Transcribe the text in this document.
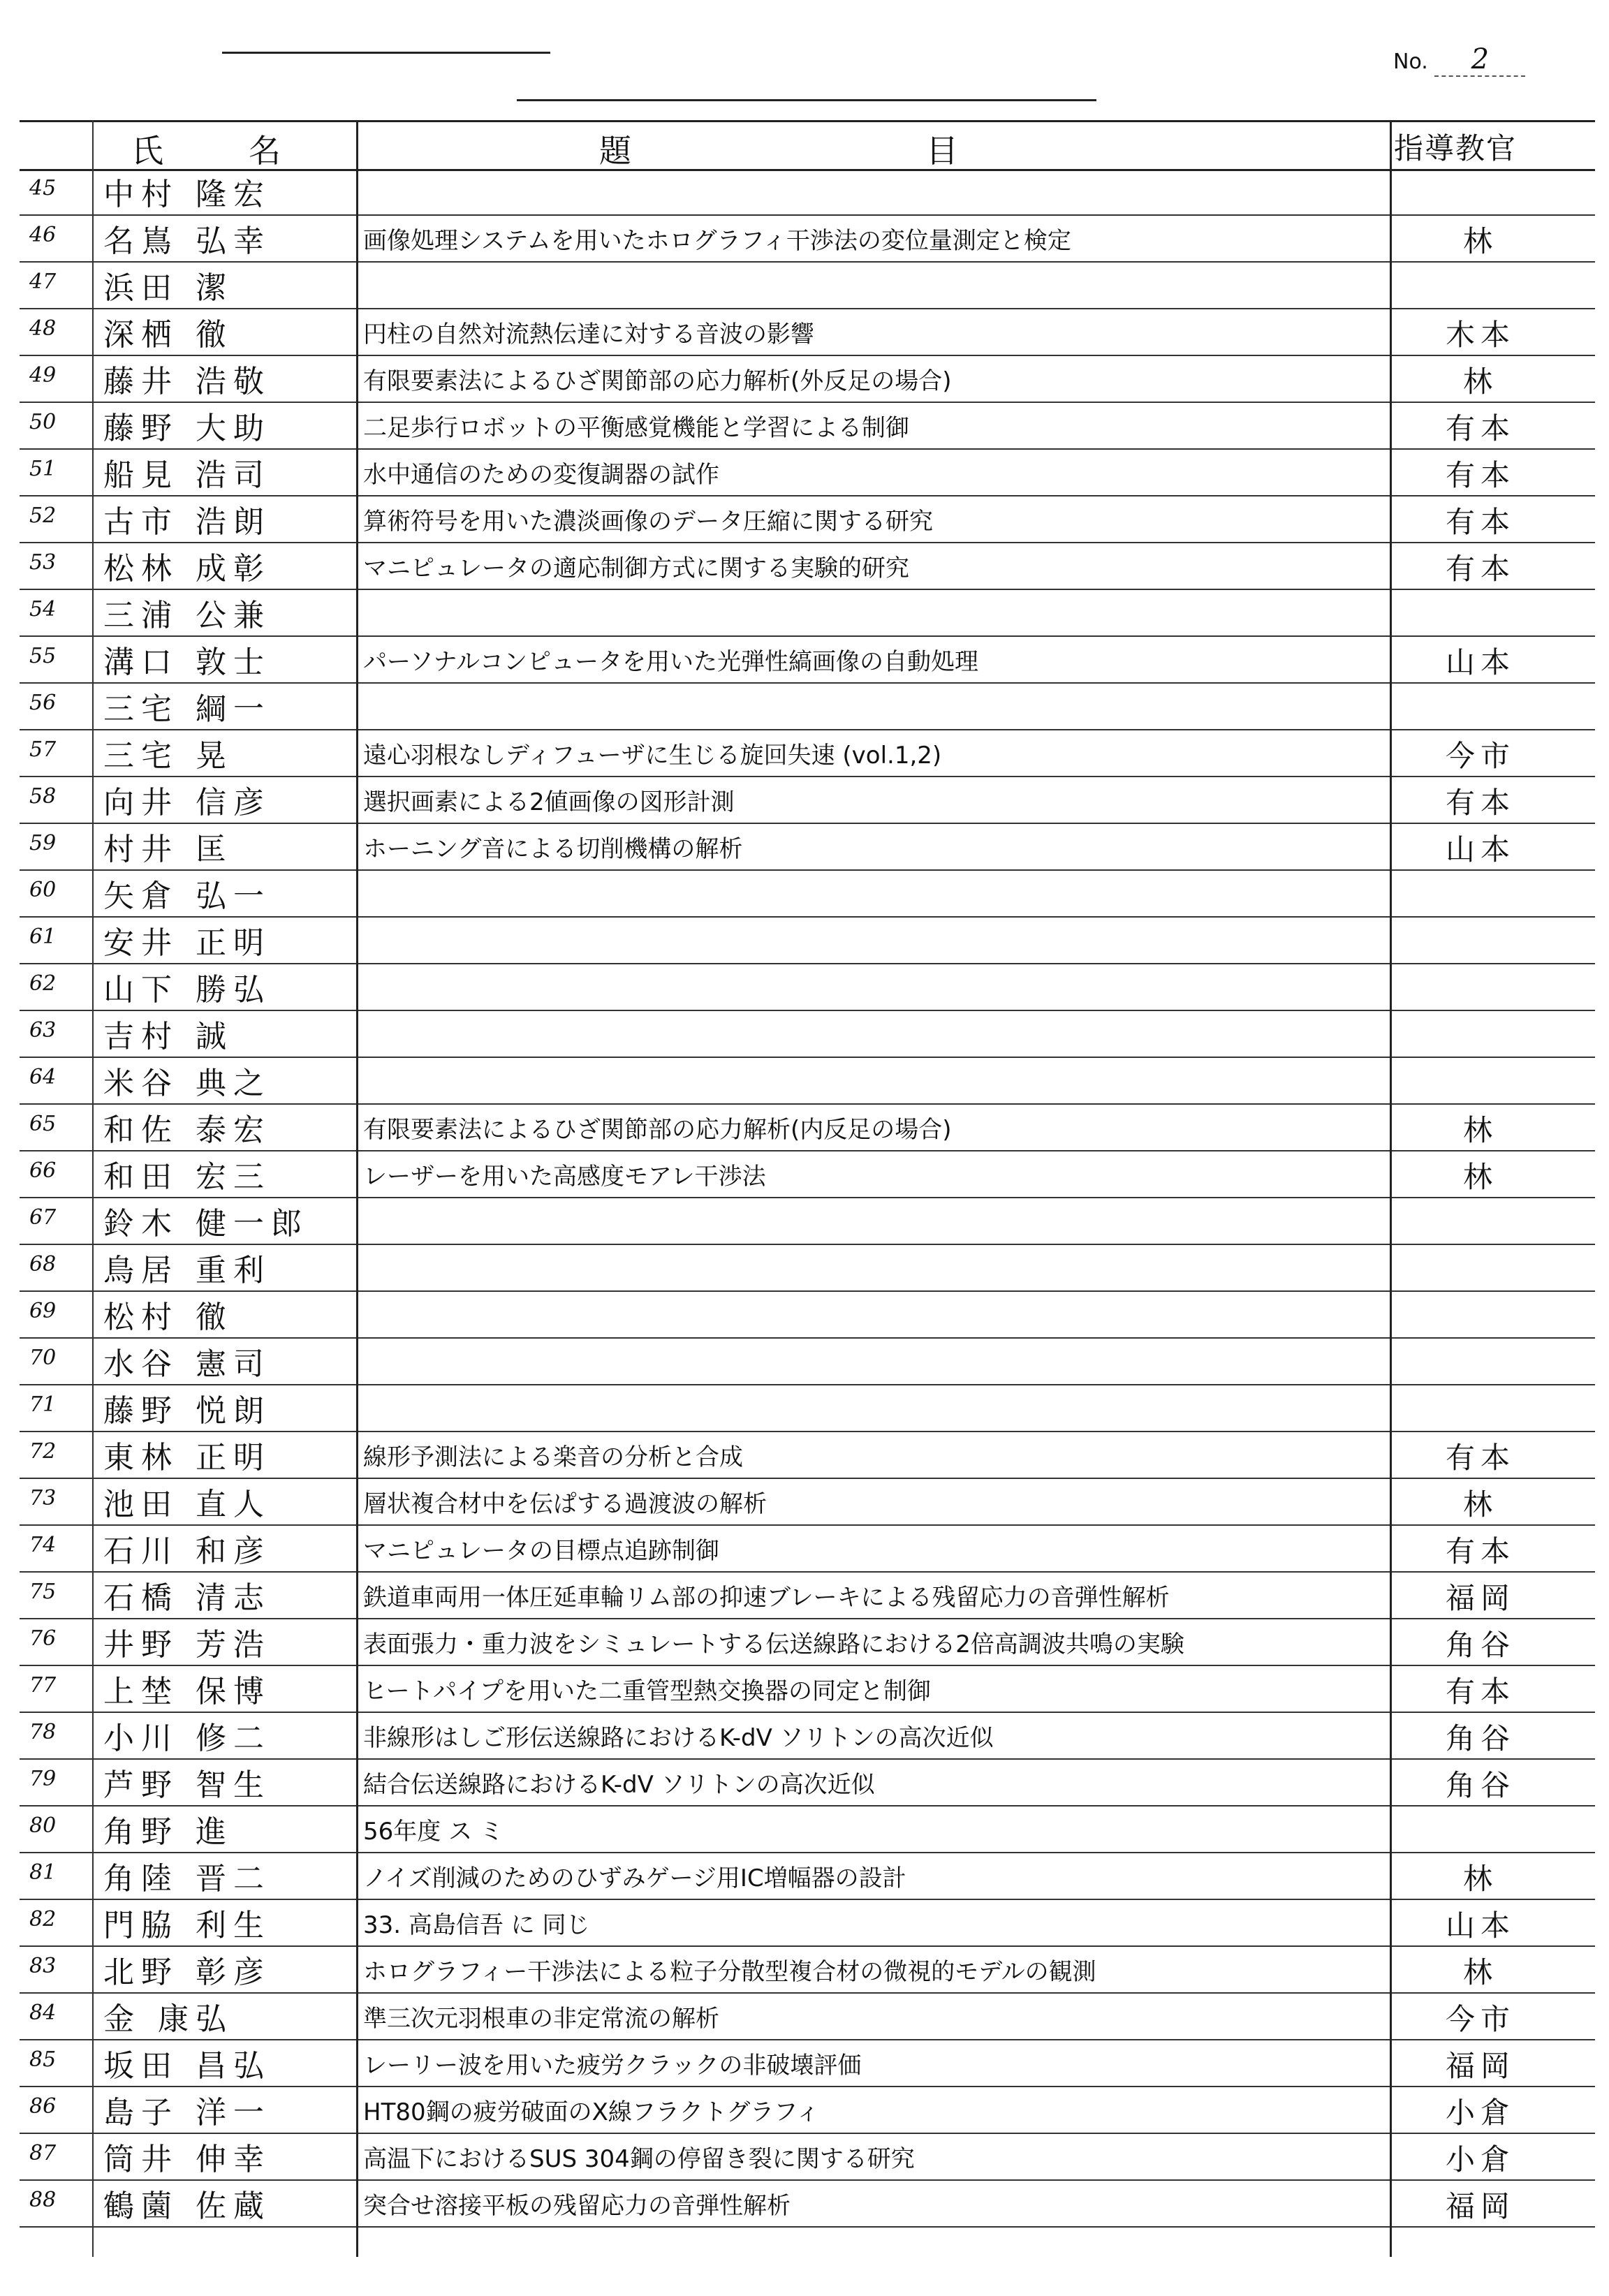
No. 2
氏	名	題	目	指導教官
45	中村 隆宏
46	名嶌 弘幸	画像処理システムを用いたホログラフィ干渉法の変位量測定と検定	林
47	浜田 潔
48	深栖 徹	円柱の自然対流熱伝達に対する音波の影響	木本
49	藤井 浩敬	有限要素法によるひざ関節部の応力解析(外反足の場合)	林
50	藤野 大助	二足歩行ロボットの平衡感覚機能と学習による制御	有本
51	船見 浩司	水中通信のための変復調器の試作	有本
52	古市 浩朗	算術符号を用いた濃淡画像のデータ圧縮に関する研究	有本
53	松林 成彰	マニピュレータの適応制御方式に関する実験的研究	有本
54	三浦 公兼
55	溝口 敦士	パーソナルコンピュータを用いた光弾性縞画像の自動処理	山本
56	三宅 綱一
57	三宅 晃	遠心羽根なしディフューザに生じる旋回失速 (vol.1,2)	今市
58	向井 信彦	選択画素による2値画像の図形計測	有本
59	村井 匡	ホーニング音による切削機構の解析	山本
60	矢倉 弘一
61	安井 正明
62	山下 勝弘
63	吉村 誠
64	米谷 典之
65	和佐 泰宏	有限要素法によるひざ関節部の応力解析(内反足の場合)	林
66	和田 宏三	レーザーを用いた高感度モアレ干渉法	林
67	鈴木 健一郎
68	鳥居 重利
69	松村 徹
70	水谷 憲司
71	藤野 悦朗
72	東林 正明	線形予測法による楽音の分析と合成	有本
73	池田 直人	層状複合材中を伝ぱする過渡波の解析	林
74	石川 和彦	マニピュレータの目標点追跡制御	有本
75	石橋 清志	鉄道車両用一体圧延車輪リム部の抑速ブレーキによる残留応力の音弾性解析	福岡
76	井野 芳浩	表面張力・重力波をシミュレートする伝送線路における2倍高調波共鳴の実験	角谷
77	上埜 保博	ヒートパイプを用いた二重管型熱交換器の同定と制御	有本
78	小川 修二	非線形はしご形伝送線路におけるK-dV ソリトンの高次近似	角谷
79	芦野 智生	結合伝送線路におけるK-dV ソリトンの高次近似	角谷
80	角野 進	56年度 ス ミ
81	角陸 晋二	ノイズ削減のためのひずみゲージ用IC増幅器の設計	林
82	門脇 利生	33. 高島信吾 に 同じ	山本
83	北野 彰彦	ホログラフィー干渉法による粒子分散型複合材の微視的モデルの観測	林
84	金 康弘	準三次元羽根車の非定常流の解析	今市
85	坂田 昌弘	レーリー波を用いた疲労クラックの非破壊評価	福岡
86	島子 洋一	HT80鋼の疲労破面のX線フラクトグラフィ	小倉
87	筒井 伸幸	高温下におけるSUS 304鋼の停留き裂に関する研究	小倉
88	鶴薗 佐蔵	突合せ溶接平板の残留応力の音弾性解析	福岡
